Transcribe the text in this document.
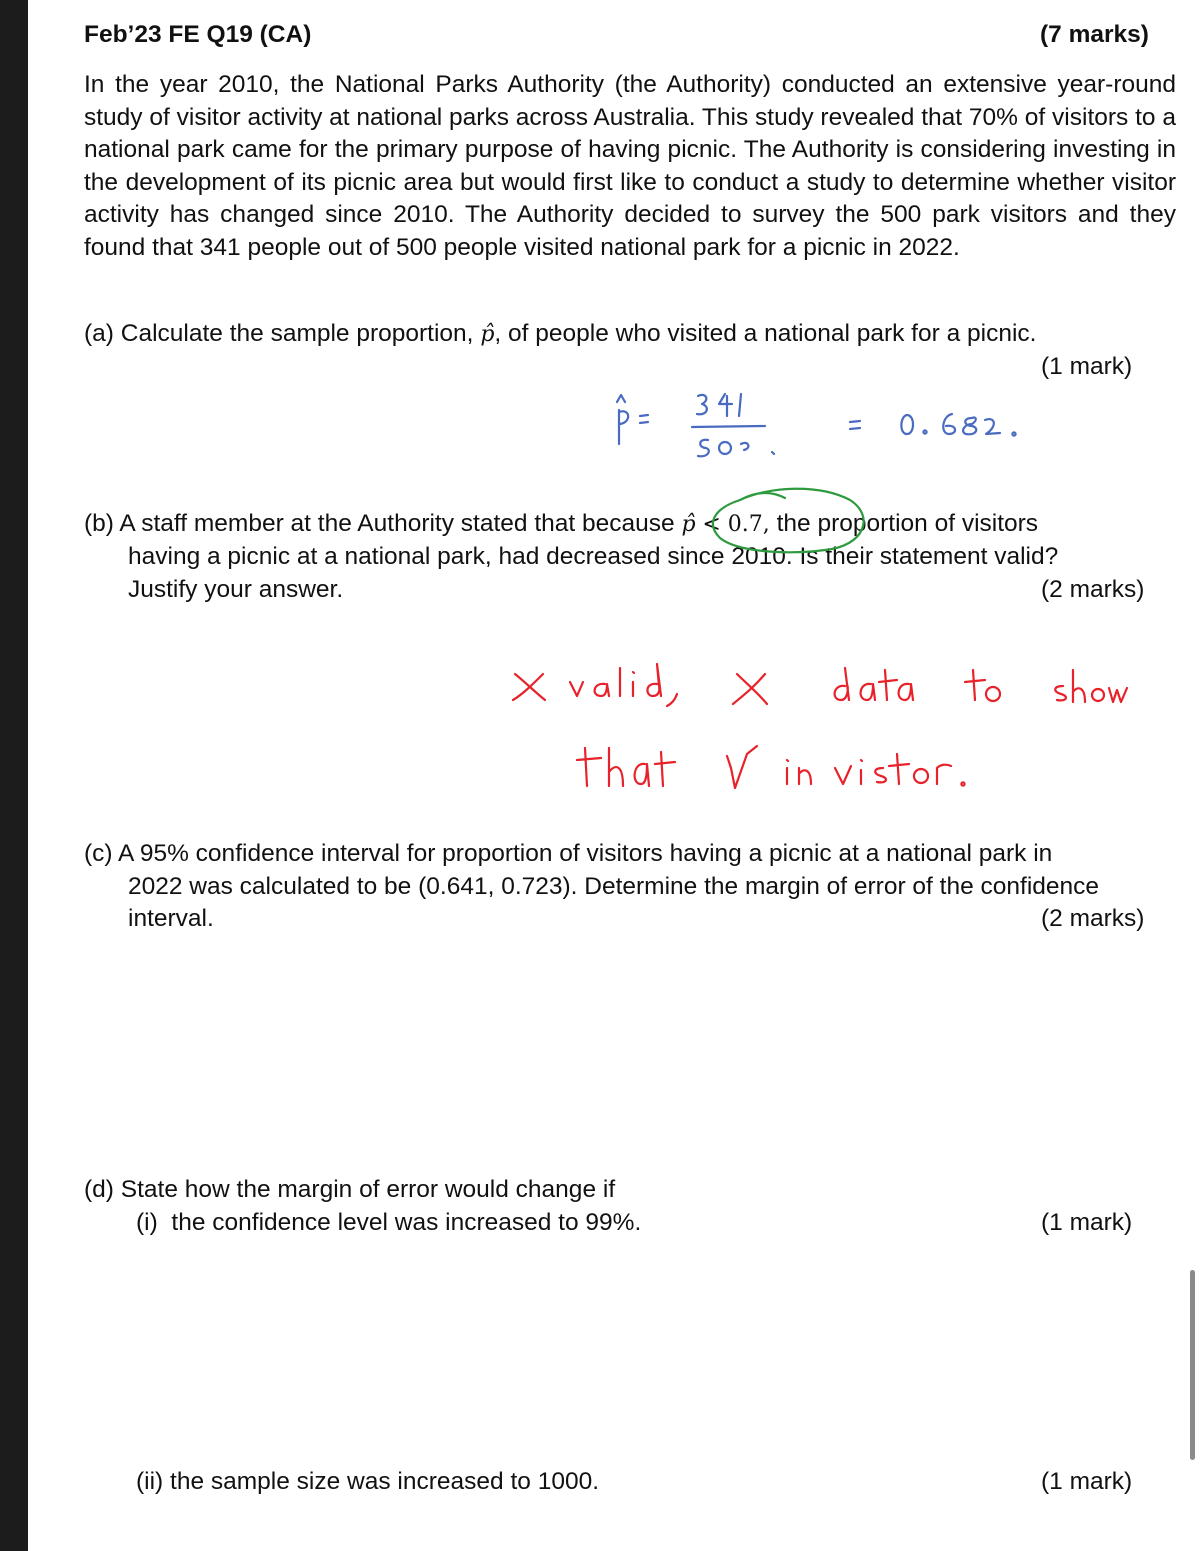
Feb’23 FE Q19 (CA)	(7 marks)
In the year 2010, the National Parks Authority (the Authority) conducted an extensive year-round study of visitor activity at national parks across Australia. This study revealed that 70% of visitors to a national park came for the primary purpose of having picnic. The Authority is considering investing in the development of its picnic area but would first like to conduct a study to determine whether visitor activity has changed since 2010. The Authority decided to survey the 500 park visitors and they found that 341 people out of 500 people visited national park for a picnic in 2022.
(a) Calculate the sample proportion, p̂, of people who visited a national park for a picnic.
(1 mark)
(b) A staff member at the Authority stated that because p̂ < 0.7, the proportion of visitors
having a picnic at a national park, had decreased since 2010. Is their statement valid?
Justify your answer.	(2 marks)
(c) A 95% confidence interval for proportion of visitors having a picnic at a national park in
2022 was calculated to be (0.641, 0.723). Determine the margin of error of the confidence
interval.	(2 marks)
(d) State how the margin of error would change if
(i) the confidence level was increased to 99%.	(1 mark)
(ii) the sample size was increased to 1000.	(1 mark)
